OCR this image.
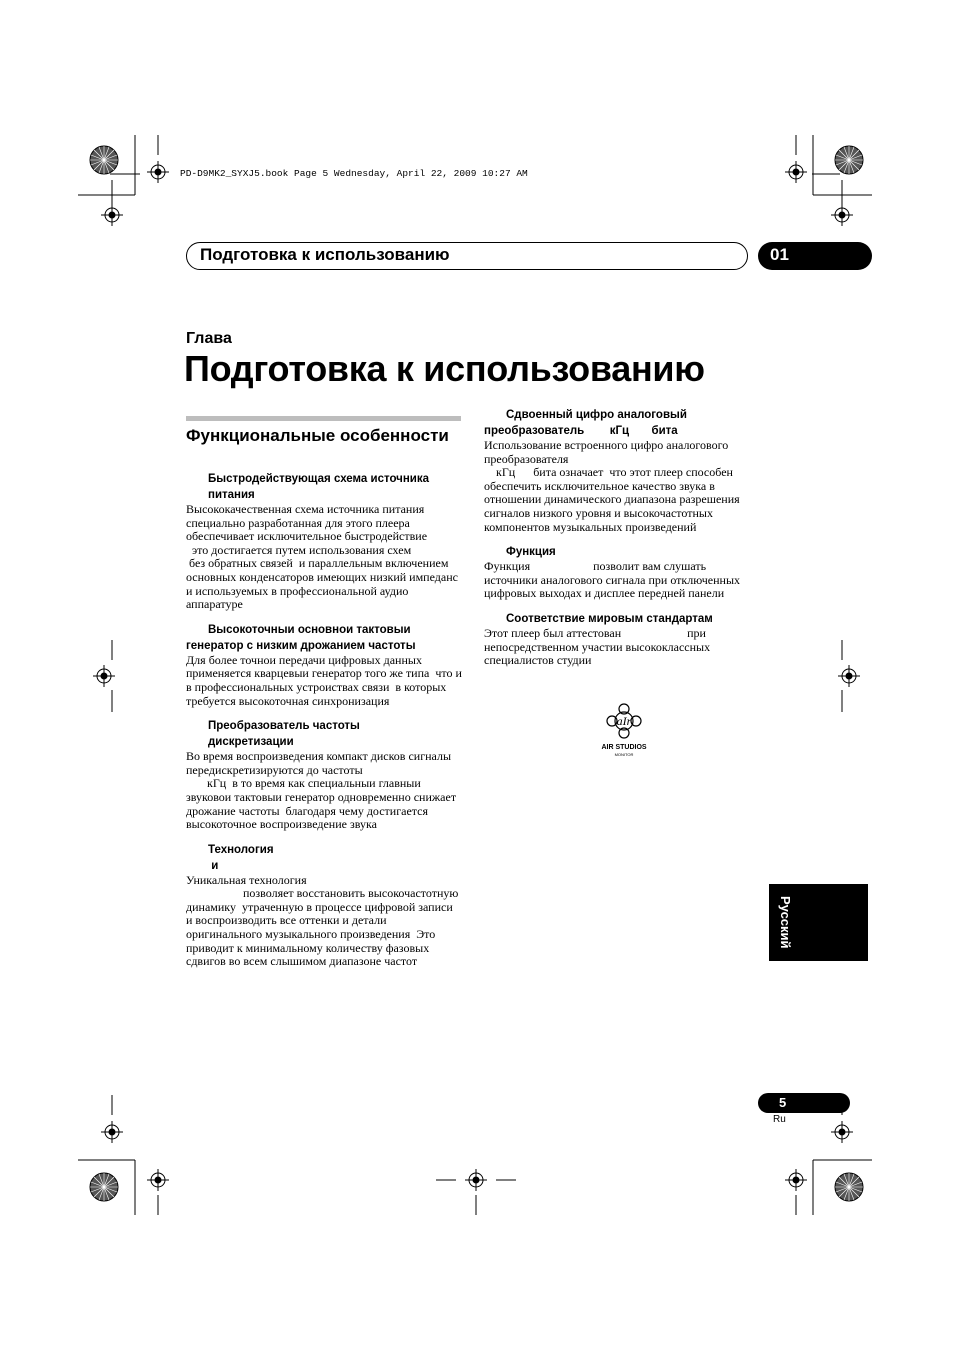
PD-D9MK2_SYXJ5.book Page 5 Wednesday, April 22, 2009 10:27 AM
Подготовка к использованию	01
Глава
Подготовка к использованию
Функциональные особенности
Быстродействующая схема источника питания
Высококачественная схема источника питания специально разработанная для этого плеера обеспечивает исключительное быстродействие
это достигается путем использования схем
без обратных связей  и параллельным включением основных конденсаторов имеющих низкий импеданс и используемых в профессиональной аудио аппаратуре
Высокоточныи основнои тактовыи генератор с низким дрожанием частоты
Для более точнои передачи цифровых данных применяется кварцевыи генератор того же типа  что и в профессиональных устроиствах связи  в которых требуется высокоточная синхронизация
Преобразователь частоты дискретизации
Во время воспроизведения компакт дисков сигналы передискретизируются до частоты
кГц  в то время как специальныи главныи звуковои тактовыи генератор одновременно снижает дрожание частоты  благодаря чему достигается высокоточное воспроизведение звука
Технология
и
Уникальная технология
позволяет восстановить высокочастотную динамику  утраченную в процессе цифровой записи  и воспроизводить все оттенки и детали оригинального музыкального произведения  Это приводит к минимальному количеству фазовых сдвигов во всем слышимом диапазоне частот
Сдвоенный цифро аналоговый преобразователь        кГц       бита
Использование встроенного цифро аналогового преобразователя
кГц      бита означает  что этот плеер способен обеспечить исключительное качество звука в отношении динамического диапазона разрешения сигналов низкого уровня и высокочастотных компонентов музыкальных произведений
Функция
Функция                     позволит вам слушать источники аналогового сигнала при отключенных цифровых выходах и дисплее передней панели
Соответствие мировым стандартам
Этот плеер был аттестован                      при непосредственном участии высококлассных специалистов студии
aIr
AIR STUDIOS
MONITOR
Русский
5
Ru
